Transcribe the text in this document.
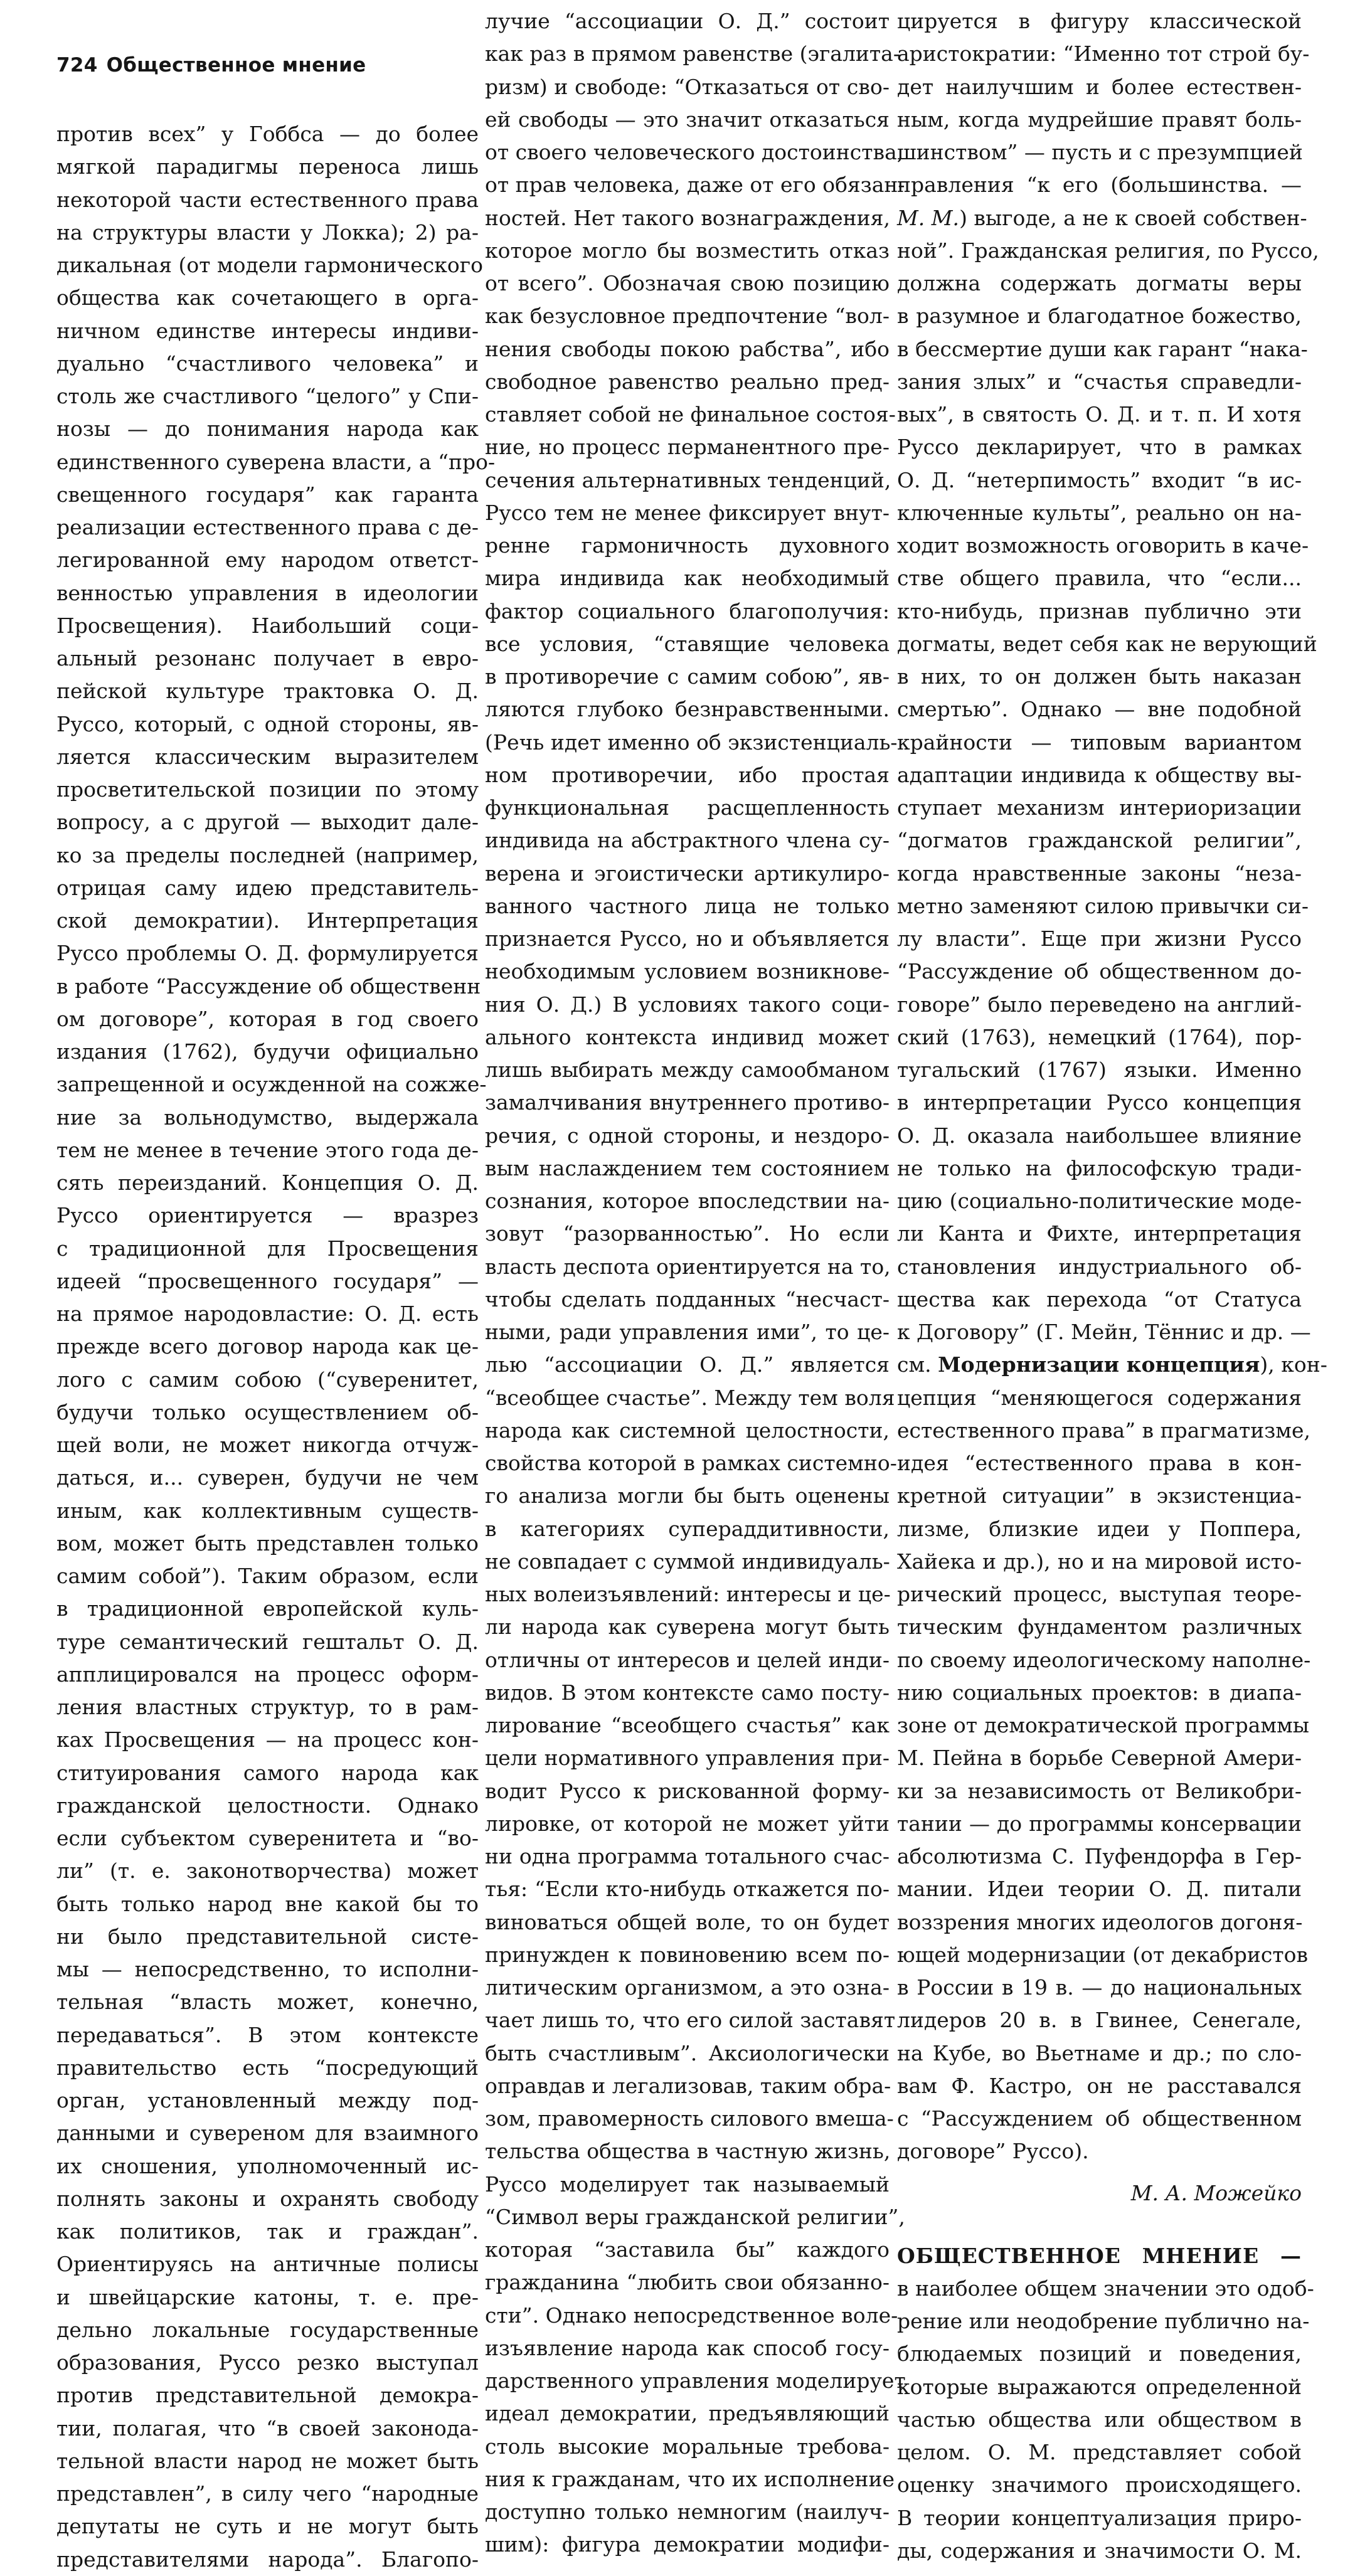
724 Общественное мнение
против всех” у Гоббса — до более
мягкой парадигмы переноса лишь
некоторой части естественного права
на структуры власти у Локка); 2) ра-
дикальная (от модели гармонического
общества как сочетающего в орга-
ничном единстве интересы индиви-
дуально “счастливого человека” и
столь же счастливого “целого” у Спи-
нозы — до понимания народа как
единственного суверена власти, а “про-
свещенного государя” как гаранта
реализации естественного права с де-
легированной ему народом ответст-
венностью управления в идеологии
Просвещения). Наибольший соци-
альный резонанс получает в евро-
пейской культуре трактовка О. Д.
Руссо, который, с одной стороны, яв-
ляется классическим выразителем
просветительской позиции по этому
вопросу, а с другой — выходит дале-
ко за пределы последней (например,
отрицая саму идею представитель-
ской демократии). Интерпретация
Руссо проблемы О. Д. формулируется
в работе “Рассуждение об общественн
ом договоре”, которая в год своего
издания (1762), будучи официально
запрещенной и осужденной на сожже-
ние за вольнодумство, выдержала
тем не менее в течение этого года де-
сять переизданий. Концепция О. Д.
Руссо ориентируется — вразрез
с традиционной для Просвещения
идеей “просвещенного государя” —
на прямое народовластие: О. Д. есть
прежде всего договор народа как це-
лого с самим собою (“суверенитет,
будучи только осуществлением об-
щей воли, не может никогда отчуж-
даться, и... суверен, будучи не чем
иным, как коллективным существ-
вом, может быть представлен только
самим собой”). Таким образом, если
в традиционной европейской куль-
туре семантический гештальт О. Д.
апплицировался на процесс оформ-
ления властных структур, то в рам-
ках Просвещения — на процесс кон-
ституирования самого народа как
гражданской целостности. Однако
если субъектом суверенитета и “во-
ли” (т. е. законотворчества) может
быть только народ вне какой бы то
ни было представительной систе-
мы — непосредственно, то исполни-
тельная “власть может, конечно,
передаваться”. В этом контексте
правительство есть “посредующий
орган, установленный между под-
данными и сувереном для взаимного
их сношения, уполномоченный ис-
полнять законы и охранять свободу
как политиков, так и граждан”.
Ориентируясь на античные полисы
и швейцарские катоны, т. е. пре-
дельно локальные государственные
образования, Руссо резко выступал
против представительной демокра-
тии, полагая, что “в своей законода-
тельной власти народ не может быть
представлен”, в силу чего “народные
депутаты не суть и не могут быть
представителями народа”. Благопо-
лучие “ассоциации О. Д.” состоит
как раз в прямом равенстве (эгалита-
ризм) и свободе: “Отказаться от сво-
ей свободы — это значит отказаться
от своего человеческого достоинства,
от прав человека, даже от его обязан-
ностей. Нет такого вознаграждения,
которое могло бы возместить отказ
от всего”. Обозначая свою позицию
как безусловное предпочтение “вол-
нения свободы покою рабства”, ибо
свободное равенство реально пред-
ставляет собой не финальное состоя-
ние, но процесс перманентного пре-
сечения альтернативных тенденций,
Руссо тем не менее фиксирует внут-
ренне гармоничность духовного
мира индивида как необходимый
фактор социального благополучия:
все условия, “ставящие человека
в противоречие с самим собою”, яв-
ляются глубоко безнравственными.
(Речь идет именно об экзистенциаль-
ном противоречии, ибо простая
функциональная расщепленность
индивида на абстрактного члена су-
верена и эгоистически артикулиро-
ванного частного лица не только
признается Руссо, но и объявляется
необходимым условием возникнове-
ния О. Д.) В условиях такого соци-
ального контекста индивид может
лишь выбирать между самообманом
замалчивания внутреннего противо-
речия, с одной стороны, и нездоро-
вым наслаждением тем состоянием
сознания, которое впоследствии на-
зовут “разорванностью”. Но если
власть деспота ориентируется на то,
чтобы сделать подданных “несчаст-
ными, ради управления ими”, то це-
лью “ассоциации О. Д.” является
“всеобщее счастье”. Между тем воля
народа как системной целостности,
свойства которой в рамках системно-
го анализа могли бы быть оценены
в категориях супераддитивности,
не совпадает с суммой индивидуаль-
ных волеизъявлений: интересы и це-
ли народа как суверена могут быть
отличны от интересов и целей инди-
видов. В этом контексте само посту-
лирование “всеобщего счастья” как
цели нормативного управления при-
водит Руссо к рискованной форму-
лировке, от которой не может уйти
ни одна программа тотального счас-
тья: “Если кто-нибудь откажется по-
виноваться общей воле, то он будет
принужден к повиновению всем по-
литическим организмом, а это озна-
чает лишь то, что его силой заставят
быть счастливым”. Аксиологически
оправдав и легализовав, таким обра-
зом, правомерность силового вмеша-
тельства общества в частную жизнь,
Руссо моделирует так называемый
“Символ веры гражданской религии”,
которая “заставила бы” каждого
гражданина “любить свои обязанно-
сти”. Однако непосредственное воле-
изъявление народа как способ госу-
дарственного управления моделирует
идеал демократии, предъявляющий
столь высокие моральные требова-
ния к гражданам, что их исполнение
доступно только немногим (наилуч-
шим): фигура демократии модифи-
цируется в фигуру классической
аристократии: “Именно тот строй бу-
дет наилучшим и более естествен-
ным, когда мудрейшие правят боль-
шинством” — пусть и с презумпцией
правления “к его (большинства. —
М. М.) выгоде, а не к своей собствен-
ной”. Гражданская религия, по Руссо,
должна содержать догматы веры
в разумное и благодатное божество,
в бессмертие души как гарант “нака-
зания злых” и “счастья справедли-
вых”, в святость О. Д. и т. п. И хотя
Руссо декларирует, что в рамках
О. Д. “нетерпимость” входит “в ис-
ключенные культы”, реально он на-
ходит возможность оговорить в каче-
стве общего правила, что “если...
кто-нибудь, признав публично эти
догматы, ведет себя как не верующий
в них, то он должен быть наказан
смертью”. Однако — вне подобной
крайности — типовым вариантом
адаптации индивида к обществу вы-
ступает механизм интериоризации
“догматов гражданской религии”,
когда нравственные законы “неза-
метно заменяют силою привычки си-
лу власти”. Еще при жизни Руссо
“Рассуждение об общественном до-
говоре” было переведено на англий-
ский (1763), немецкий (1764), пор-
тугальский (1767) языки. Именно
в интерпретации Руссо концепция
О. Д. оказала наибольшее влияние
не только на философскую тради-
цию (социально-политические моде-
ли Канта и Фихте, интерпретация
становления индустриального об-
щества как перехода “от Статуса
к Договору” (Г. Мейн, Тённис и др. —
см. Модернизации концепция), кон-
цепция “меняющегося содержания
естественного права” в прагматизме,
идея “естественного права в кон-
кретной ситуации” в экзистенциа-
лизме, близкие идеи у Поппера,
Хайека и др.), но и на мировой исто-
рический процесс, выступая теоре-
тическим фундаментом различных
по своему идеологическому наполне-
нию социальных проектов: в диапа-
зоне от демократической программы
М. Пейна в борьбе Северной Амери-
ки за независимость от Великобри-
тании — до программы консервации
абсолютизма С. Пуфендорфа в Гер-
мании. Идеи теории О. Д. питали
воззрения многих идеологов догоня-
ющей модернизации (от декабристов
в России в 19 в. — до национальных
лидеров 20 в. в Гвинее, Сенегале,
на Кубе, во Вьетнаме и др.; по сло-
вам Ф. Кастро, он не расставался
с “Рассуждением об общественном
договоре” Руссо).
М. А. Можейко
ОБЩЕСТВЕННОЕ МНЕНИЕ —
в наиболее общем значении это одоб-
рение или неодобрение публично на-
блюдаемых позиций и поведения,
которые выражаются определенной
частью общества или обществом в
целом. О. М. представляет собой
оценку значимого происходящего.
В теории концептуализация приро-
ды, содержания и значимости О. М.
